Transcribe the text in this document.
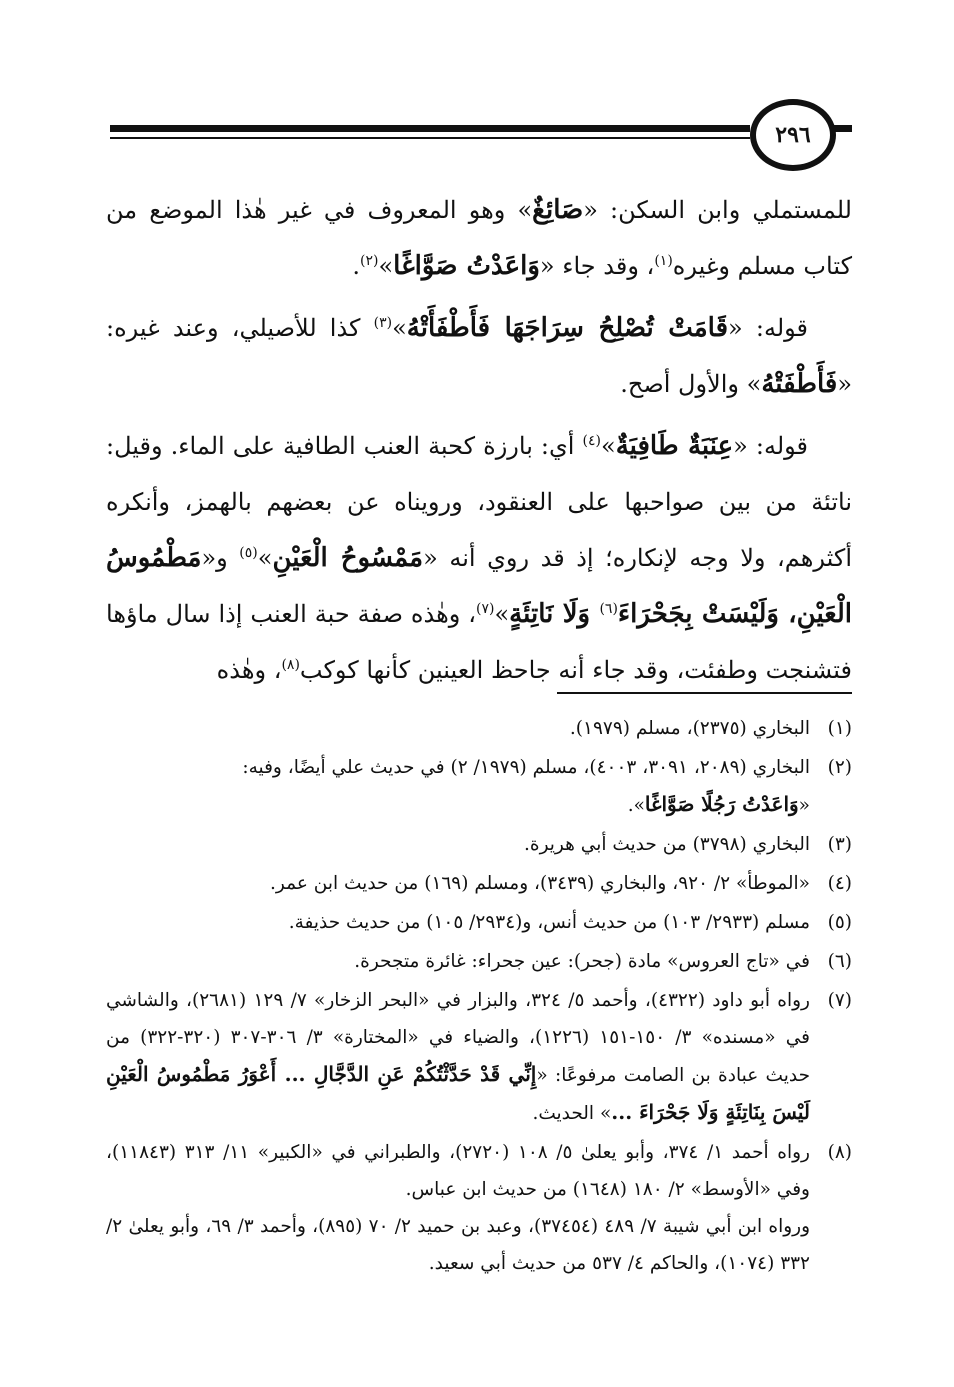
٢٩٦

للمستملي وابن السكن: «صَائِغٌ» وهو المعروف في غير هٰذا الموضع من كتاب مسلم وغيره$^{(١)}$، وقد جاء «وَاعَدْتُ صَوَّاغًا»$^{(٢)}$.

قوله: «قَامَتْ تُصْلِحُ سِرَاجَهَا فَأَطْفَأَتْهُ»$^{(٣)}$ كذا للأصيلي، وعند غيره: «فَأَطْفَتْهُ» والأول أصح.

قوله: «عِنَبَةٌ طَافِيَةٌ»$^{(٤)}$ أي: بارزة كحبة العنب الطافية على الماء. وقيل: ناتئة من بين صواحبها على العنقود، ورويناه عن بعضهم بالهمز، وأنكره أكثرهم، ولا وجه لإنكاره؛ إذ قد روي أنه «مَمْسُوحُ الْعَيْنِ»$^{(٥)}$ و«مَطْمُوسُ الْعَيْنِ، وَلَيْسَتْ بِجَحْرَاءَ$^{(٦)}$ وَلَا نَاتِئَةٍ»$^{(٧)}$، وهٰذه صفة حبة العنب إذا سال ماؤها فتشنجت وطفئت، وقد جاء أنه جاحظ العينين كأنها كوكب$^{(٨)}$، وهٰذه

(١)

البخاري (٢٣٧٥)، مسلم (١٩٧٩).

(٢)

البخاري (٢٠٨٩، ٣٠٩١، ٤٠٠٣)، مسلم (١٩٧٩/ ٢) في حديث علي أيضًا، وفيه:

«وَاعَدْتُ رَجُلًا صَوَّاغًا».

(٣)

البخاري (٣٧٩٨) من حديث أبي هريرة.

(٤)

«الموطأ» ٢/ ٩٢٠، والبخاري (٣٤٣٩)، ومسلم (١٦٩) من حديث ابن عمر.

(٥)

مسلم (٢٩٣٣/ ١٠٣) من حديث أنس، و(٢٩٣٤/ ١٠٥) من حديث حذيفة.

(٦)

في «تاج العروس» مادة (جحر): عين جحراء: غائرة متجحرة.

(٧)

رواه أبو داود (٤٣٢٢)، وأحمد ٥/ ٣٢٤، والبزار في «البحر الزخار» ٧/ ١٢٩ (٢٦٨١)، والشاشي في «مسنده» ٣/ ١٥٠-١٥١ (١٢٢٦)، والضياء في «المختارة» ٣/ ٣٠٦-٣٠٧ (٣٢٠-٣٢٢) من حديث عبادة بن الصامت مرفوعًا: «إِنِّي قَدْ حَدَّثْتُكُمْ عَنِ الدَّجَّالِ ... أَعْوَرُ مَطْمُوسُ الْعَيْنِ لَيْسَ بِنَاتِئَةٍ وَلَا جَحْرَاءَ ...» الحديث.

(٨)

رواه أحمد ١/ ٣٧٤، وأبو يعلىٰ ٥/ ١٠٨ (٢٧٢٠)، والطبراني في «الكبير» ١١/ ٣١٣ (١١٨٤٣)، وفي «الأوسط» ٢/ ١٨٠ (١٦٤٨) من حديث ابن عباس.

ورواه ابن أبي شيبة ٧/ ٤٨٩ (٣٧٤٥٤)، وعبد بن حميد ٢/ ٧٠ (٨٩٥)، وأحمد ٣/ ٦٩، وأبو يعلىٰ ٢/ ٣٣٢ (١٠٧٤)، والحاكم ٤/ ٥٣٧ من حديث أبي سعيد.
